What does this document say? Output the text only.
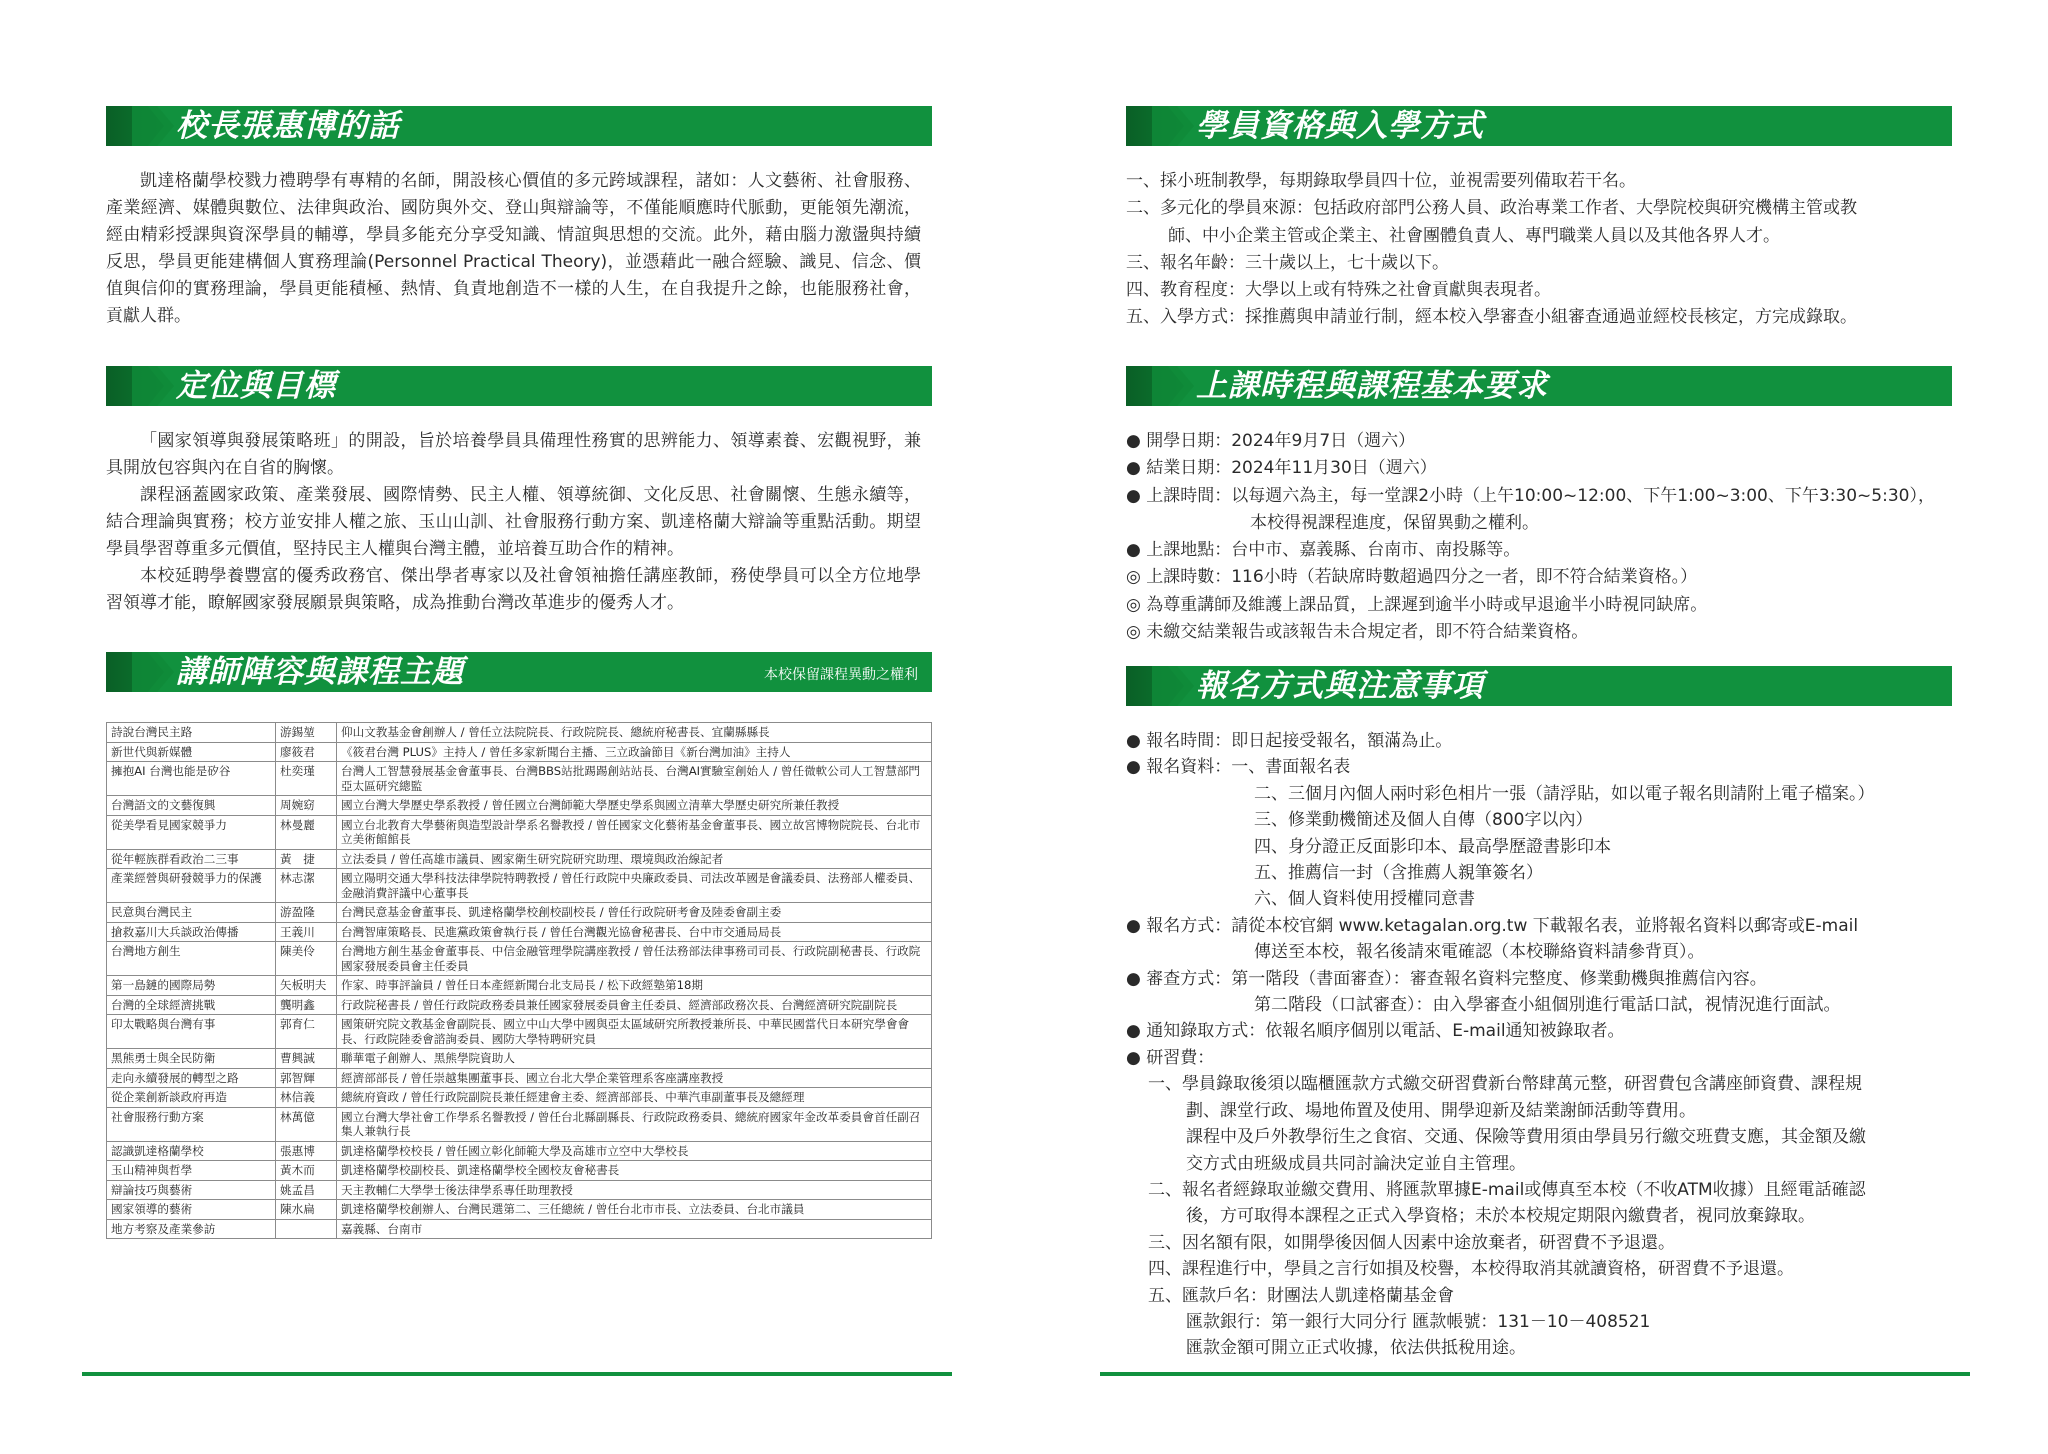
校長張惠博的話

凱達格蘭學校戮力禮聘學有專精的名師，開設核心價值的多元跨域課程，諸如：人文藝術、社會服務、產業經濟、媒體與數位、法律與政治、國防與外交、登山與辯論等，不僅能順應時代脈動，更能領先潮流，經由精彩授課與資深學員的輔導，學員多能充分享受知識、情誼與思想的交流。此外，藉由腦力激盪與持續反思，學員更能建構個人實務理論(Personnel Practical Theory)，並憑藉此一融合經驗、識見、信念、價值與信仰的實務理論，學員更能積極、熱情、負責地創造不一樣的人生，在自我提升之餘，也能服務社會，貢獻人群。

定位與目標

「國家領導與發展策略班」的開設，旨於培養學員具備理性務實的思辨能力、領導素養、宏觀視野，兼具開放包容與內在自省的胸懷。

課程涵蓋國家政策、產業發展、國際情勢、民主人權、領導統御、文化反思、社會關懷、生態永續等，結合理論與實務；校方並安排人權之旅、玉山山訓、社會服務行動方案、凱達格蘭大辯論等重點活動。期望學員學習尊重多元價值，堅持民主人權與台灣主體，並培養互助合作的精神。

本校延聘學養豐富的優秀政務官、傑出學者專家以及社會領袖擔任講座教師，務使學員可以全方位地學習領導才能，瞭解國家發展願景與策略，成為推動台灣改革進步的優秀人才。

講師陣容與課程主題	本校保留課程異動之權利
詩說台灣民主路	游錫堃	仰山文教基金會創辦人 / 曾任立法院院長、行政院院長、總統府秘書長、宜蘭縣縣長
新世代與新媒體	廖筱君	《筱君台灣 PLUS》主持人 / 曾任多家新聞台主播、三立政論節目《新台灣加油》主持人
擁抱AI 台灣也能是矽谷	杜奕瑾	台灣人工智慧發展基金會董事長、台灣BBS站批踢踢創站站長、台灣AI實驗室創始人 / 曾任微軟公司人工智慧部門亞太區研究總監
台灣語文的文藝復興	周婉窈	國立台灣大學歷史學系教授 / 曾任國立台灣師範大學歷史學系與國立清華大學歷史研究所兼任教授
從美學看見國家競爭力	林曼麗	國立台北教育大學藝術與造型設計學系名譽教授 / 曾任國家文化藝術基金會董事長、國立故宮博物院院長、台北市立美術館館長
從年輕族群看政治二三事	黃　捷	立法委員 / 曾任高雄市議員、國家衛生研究院研究助理、環境與政治線記者
產業經營與研發競爭力的保護	林志潔	國立陽明交通大學科技法律學院特聘教授 / 曾任行政院中央廉政委員、司法改革國是會議委員、法務部人權委員、金融消費評議中心董事長
民意與台灣民主	游盈隆	台灣民意基金會董事長、凱達格蘭學校創校副校長 / 曾任行政院研考會及陸委會副主委
搶救嘉川大兵談政治傳播	王義川	台灣智庫策略長、民進黨政策會執行長 / 曾任台灣觀光協會秘書長、台中市交通局局長
台灣地方創生	陳美伶	台灣地方創生基金會董事長、中信金融管理學院講座教授 / 曾任法務部法律事務司司長、行政院副秘書長、行政院國家發展委員會主任委員
第一島鏈的國際局勢	矢板明夫	作家、時事評論員 / 曾任日本產經新聞台北支局長 / 松下政經塾第18期
台灣的全球經濟挑戰	龔明鑫	行政院秘書長 / 曾任行政院政務委員兼任國家發展委員會主任委員、經濟部政務次長、台灣經濟研究院副院長
印太戰略與台灣有事	郭育仁	國策研究院文教基金會副院長、國立中山大學中國與亞太區域研究所教授兼所長、中華民國當代日本研究學會會長、行政院陸委會諮詢委員、國防大學特聘研究員
黑熊勇士與全民防衛	曹興誠	聯華電子創辦人、黑熊學院資助人
走向永續發展的轉型之路	郭智輝	經濟部部長 / 曾任崇越集團董事長、國立台北大學企業管理系客座講座教授
從企業創新談政府再造	林信義	總統府資政 / 曾任行政院副院長兼任經建會主委、經濟部部長、中華汽車副董事長及總經理
社會服務行動方案	林萬億	國立台灣大學社會工作學系名譽教授 / 曾任台北縣副縣長、行政院政務委員、總統府國家年金改革委員會首任副召集人兼執行長
認識凱達格蘭學校	張惠博	凱達格蘭學校校長 / 曾任國立彰化師範大學及高雄市立空中大學校長
玉山精神與哲學	黃木而	凱達格蘭學校副校長、凱達格蘭學校全國校友會秘書長
辯論技巧與藝術	姚孟昌	天主教輔仁大學學士後法律學系專任助理教授
國家領導的藝術	陳水扁	凱達格蘭學校創辦人、台灣民選第二、三任總統 / 曾任台北市市長、立法委員、台北市議員
地方考察及產業參訪		嘉義縣、台南市
學員資格與入學方式
一、採小班制教學，每期錄取學員四十位，並視需要列備取若干名。
二、多元化的學員來源：包括政府部門公務人員、政治專業工作者、大學院校與研究機構主管或教
師、中小企業主管或企業主、社會團體負責人、專門職業人員以及其他各界人才。
三、報名年齡：三十歲以上，七十歲以下。
四、教育程度：大學以上或有特殊之社會貢獻與表現者。
五、入學方式：採推薦與申請並行制，經本校入學審查小組審查通過並經校長核定，方完成錄取。
上課時程與課程基本要求
● 開學日期：2024年9月7日（週六）
● 結業日期：2024年11月30日（週六）
● 上課時間：以每週六為主，每一堂課2小時（上午10:00~12:00、下午1:00~3:00、下午3:30~5:30），
本校得視課程進度，保留異動之權利。
● 上課地點：台中市、嘉義縣、台南市、南投縣等。
◎ 上課時數：116小時（若缺席時數超過四分之一者，即不符合結業資格。）
◎ 為尊重講師及維護上課品質，上課遲到逾半小時或早退逾半小時視同缺席。
◎ 未繳交結業報告或該報告未合規定者，即不符合結業資格。
報名方式與注意事項
● 報名時間：即日起接受報名，額滿為止。
● 報名資料：一、書面報名表
二、三個月內個人兩吋彩色相片一張（請浮貼，如以電子報名則請附上電子檔案。）
三、修業動機簡述及個人自傳（800字以內）
四、身分證正反面影印本、最高學歷證書影印本
五、推薦信一封（含推薦人親筆簽名）
六、個人資料使用授權同意書
● 報名方式：請從本校官網 www.ketagalan.org.tw 下載報名表，並將報名資料以郵寄或E-mail
傳送至本校，報名後請來電確認（本校聯絡資料請參背頁）。
● 審查方式：第一階段（書面審查）：審查報名資料完整度、修業動機與推薦信內容。
第二階段（口試審查）：由入學審查小組個別進行電話口試，視情況進行面試。
● 通知錄取方式：依報名順序個別以電話、E-mail通知被錄取者。
● 研習費：
一、學員錄取後須以臨櫃匯款方式繳交研習費新台幣肆萬元整，研習費包含講座師資費、課程規
劃、課堂行政、場地佈置及使用、開學迎新及結業謝師活動等費用。
課程中及戶外教學衍生之食宿、交通、保險等費用須由學員另行繳交班費支應，其金額及繳
交方式由班級成員共同討論決定並自主管理。
二、報名者經錄取並繳交費用、將匯款單據E-mail或傳真至本校（不收ATM收據）且經電話確認
後，方可取得本課程之正式入學資格；未於本校規定期限內繳費者，視同放棄錄取。
三、因名額有限，如開學後因個人因素中途放棄者，研習費不予退還。
四、課程進行中，學員之言行如損及校譽，本校得取消其就讀資格，研習費不予退還。
五、匯款戶名：財團法人凱達格蘭基金會
匯款銀行：第一銀行大同分行 匯款帳號：131－10－408521
匯款金額可開立正式收據，依法供抵稅用途。
